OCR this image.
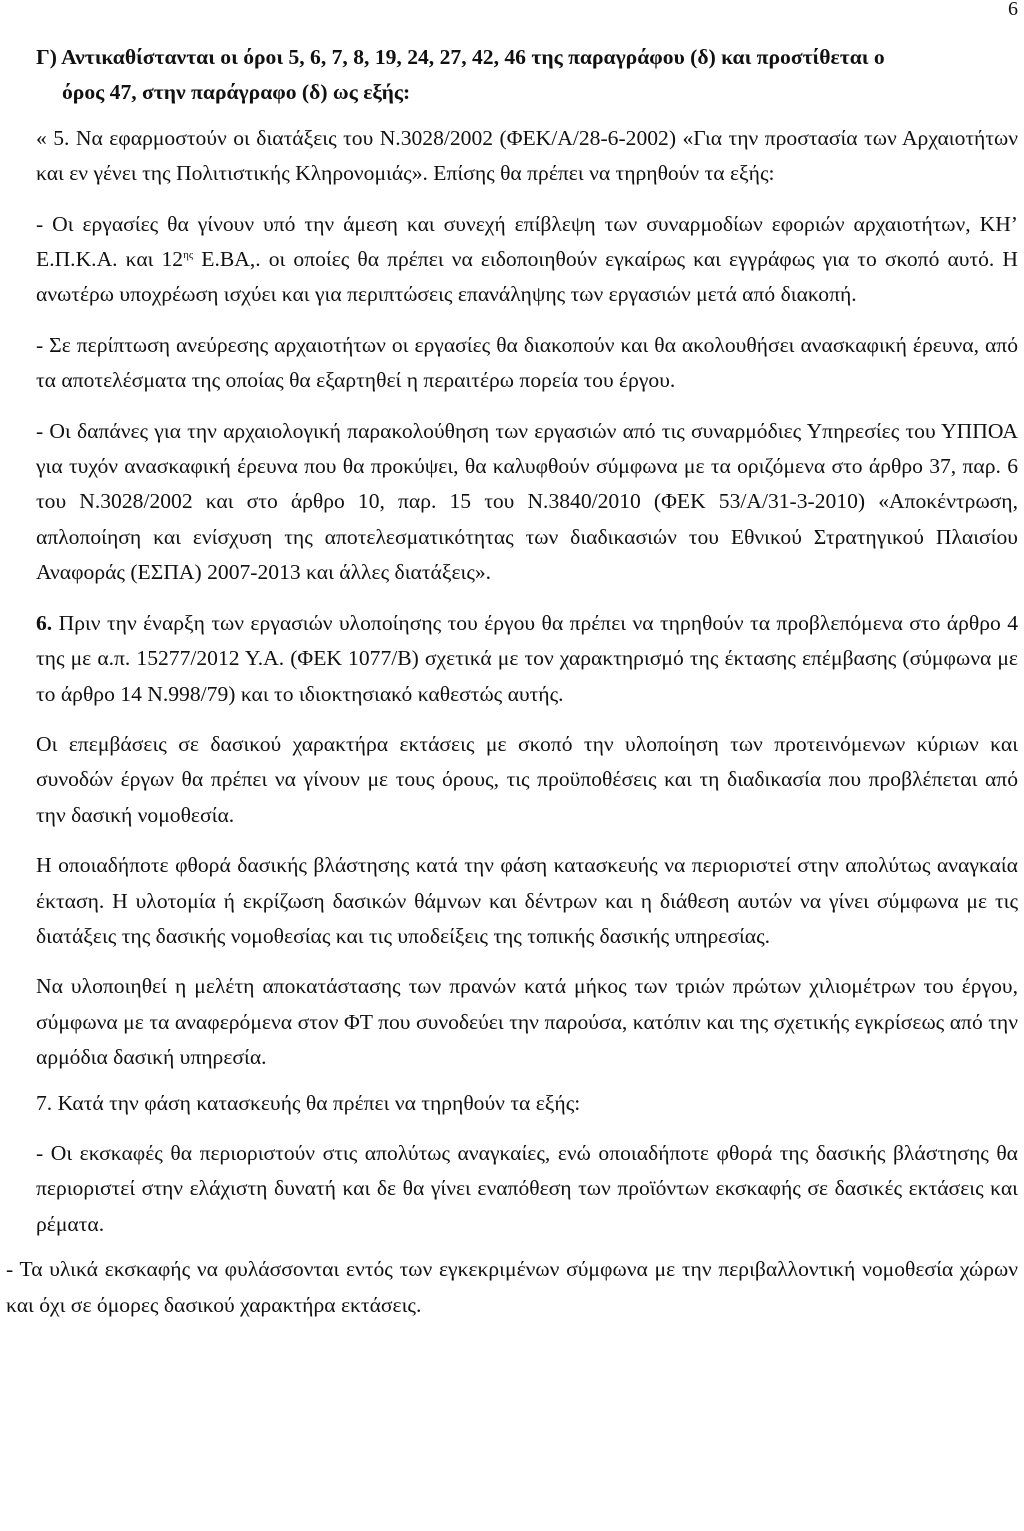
6

Γ) Αντικαθίστανται οι όροι 5, 6, 7, 8, 19, 24, 27, 42, 46 της παραγράφου (δ) και προστίθεται ο
όρος 47, στην παράγραφο (δ) ως εξής:

« 5. Να εφαρμοστούν οι διατάξεις του Ν.3028/2002 (ΦΕΚ/Α/28-6-2002) «Για την προστασία των Αρχαιοτήτων και εν γένει της Πολιτιστικής Κληρονομιάς». Επίσης θα πρέπει να τηρηθούν τα εξής:

- Οι εργασίες θα γίνουν υπό την άμεση και συνεχή επίβλεψη των συναρμοδίων εφοριών αρχαιοτήτων, ΚΗ’ Ε.Π.Κ.Α. και $12^{\eta\varsigma}$ Ε.ΒΑ,. οι οποίες θα πρέπει να ειδοποιηθούν εγκαίρως και εγγράφως για το σκοπό αυτό. Η ανωτέρω υποχρέωση ισχύει και για περιπτώσεις επανάληψης των εργασιών μετά από διακοπή.

- Σε περίπτωση ανεύρεσης αρχαιοτήτων οι εργασίες θα διακοπούν και θα ακολουθήσει ανασκαφική έρευνα, από τα αποτελέσματα της οποίας θα εξαρτηθεί η περαιτέρω πορεία του έργου.

- Οι δαπάνες για την αρχαιολογική παρακολούθηση των εργασιών από τις συναρμόδιες Υπηρεσίες του ΥΠΠΟΑ για τυχόν ανασκαφική έρευνα που θα προκύψει, θα καλυφθούν σύμφωνα με τα οριζόμενα στο άρθρο 37, παρ. 6 του Ν.3028/2002 και στο άρθρο 10, παρ. 15 του Ν.3840/2010 (ΦΕΚ 53/Α/31-3-2010) «Αποκέντρωση, απλοποίηση και ενίσχυση της αποτελεσματικότητας των διαδικασιών του Εθνικού Στρατηγικού Πλαισίου Αναφοράς (ΕΣΠΑ) 2007-2013 και άλλες διατάξεις».

6. Πριν την έναρξη των εργασιών υλοποίησης του έργου θα πρέπει να τηρηθούν τα προβλεπόμενα στο άρθρο 4 της με α.π. 15277/2012 Υ.Α. (ΦΕΚ 1077/Β) σχετικά με τον χαρακτηρισμό της έκτασης επέμβασης (σύμφωνα με το άρθρο 14 Ν.998/79) και το ιδιοκτησιακό καθεστώς αυτής.

Οι επεμβάσεις σε δασικού χαρακτήρα εκτάσεις με σκοπό την υλοποίηση των προτεινόμενων κύριων και συνοδών έργων θα πρέπει να γίνουν με τους όρους, τις προϋποθέσεις και τη διαδικασία που προβλέπεται από την δασική νομοθεσία.

Η οποιαδήποτε φθορά δασικής βλάστησης κατά την φάση κατασκευής να περιοριστεί στην απολύτως αναγκαία έκταση. Η υλοτομία ή εκρίζωση δασικών θάμνων και δέντρων και η διάθεση αυτών να γίνει σύμφωνα με τις διατάξεις της δασικής νομοθεσίας και τις υποδείξεις της τοπικής δασικής υπηρεσίας.

Να υλοποιηθεί η μελέτη αποκατάστασης των πρανών κατά μήκος των τριών πρώτων χιλιομέτρων του έργου, σύμφωνα με τα αναφερόμενα στον ΦΤ που συνοδεύει την παρούσα, κατόπιν και της σχετικής εγκρίσεως από την αρμόδια δασική υπηρεσία.

7. Κατά την φάση κατασκευής θα πρέπει να τηρηθούν τα εξής:

- Οι εκσκαφές θα περιοριστούν στις απολύτως αναγκαίες, ενώ οποιαδήποτε φθορά της δασικής βλάστησης θα περιοριστεί στην ελάχιστη δυνατή και δε θα γίνει εναπόθεση των προϊόντων εκσκαφής σε δασικές εκτάσεις και ρέματα.

- Τα υλικά εκσκαφής να φυλάσσονται εντός των εγκεκριμένων σύμφωνα με την περιβαλλοντική νομοθεσία χώρων και όχι σε όμορες δασικού χαρακτήρα εκτάσεις.
